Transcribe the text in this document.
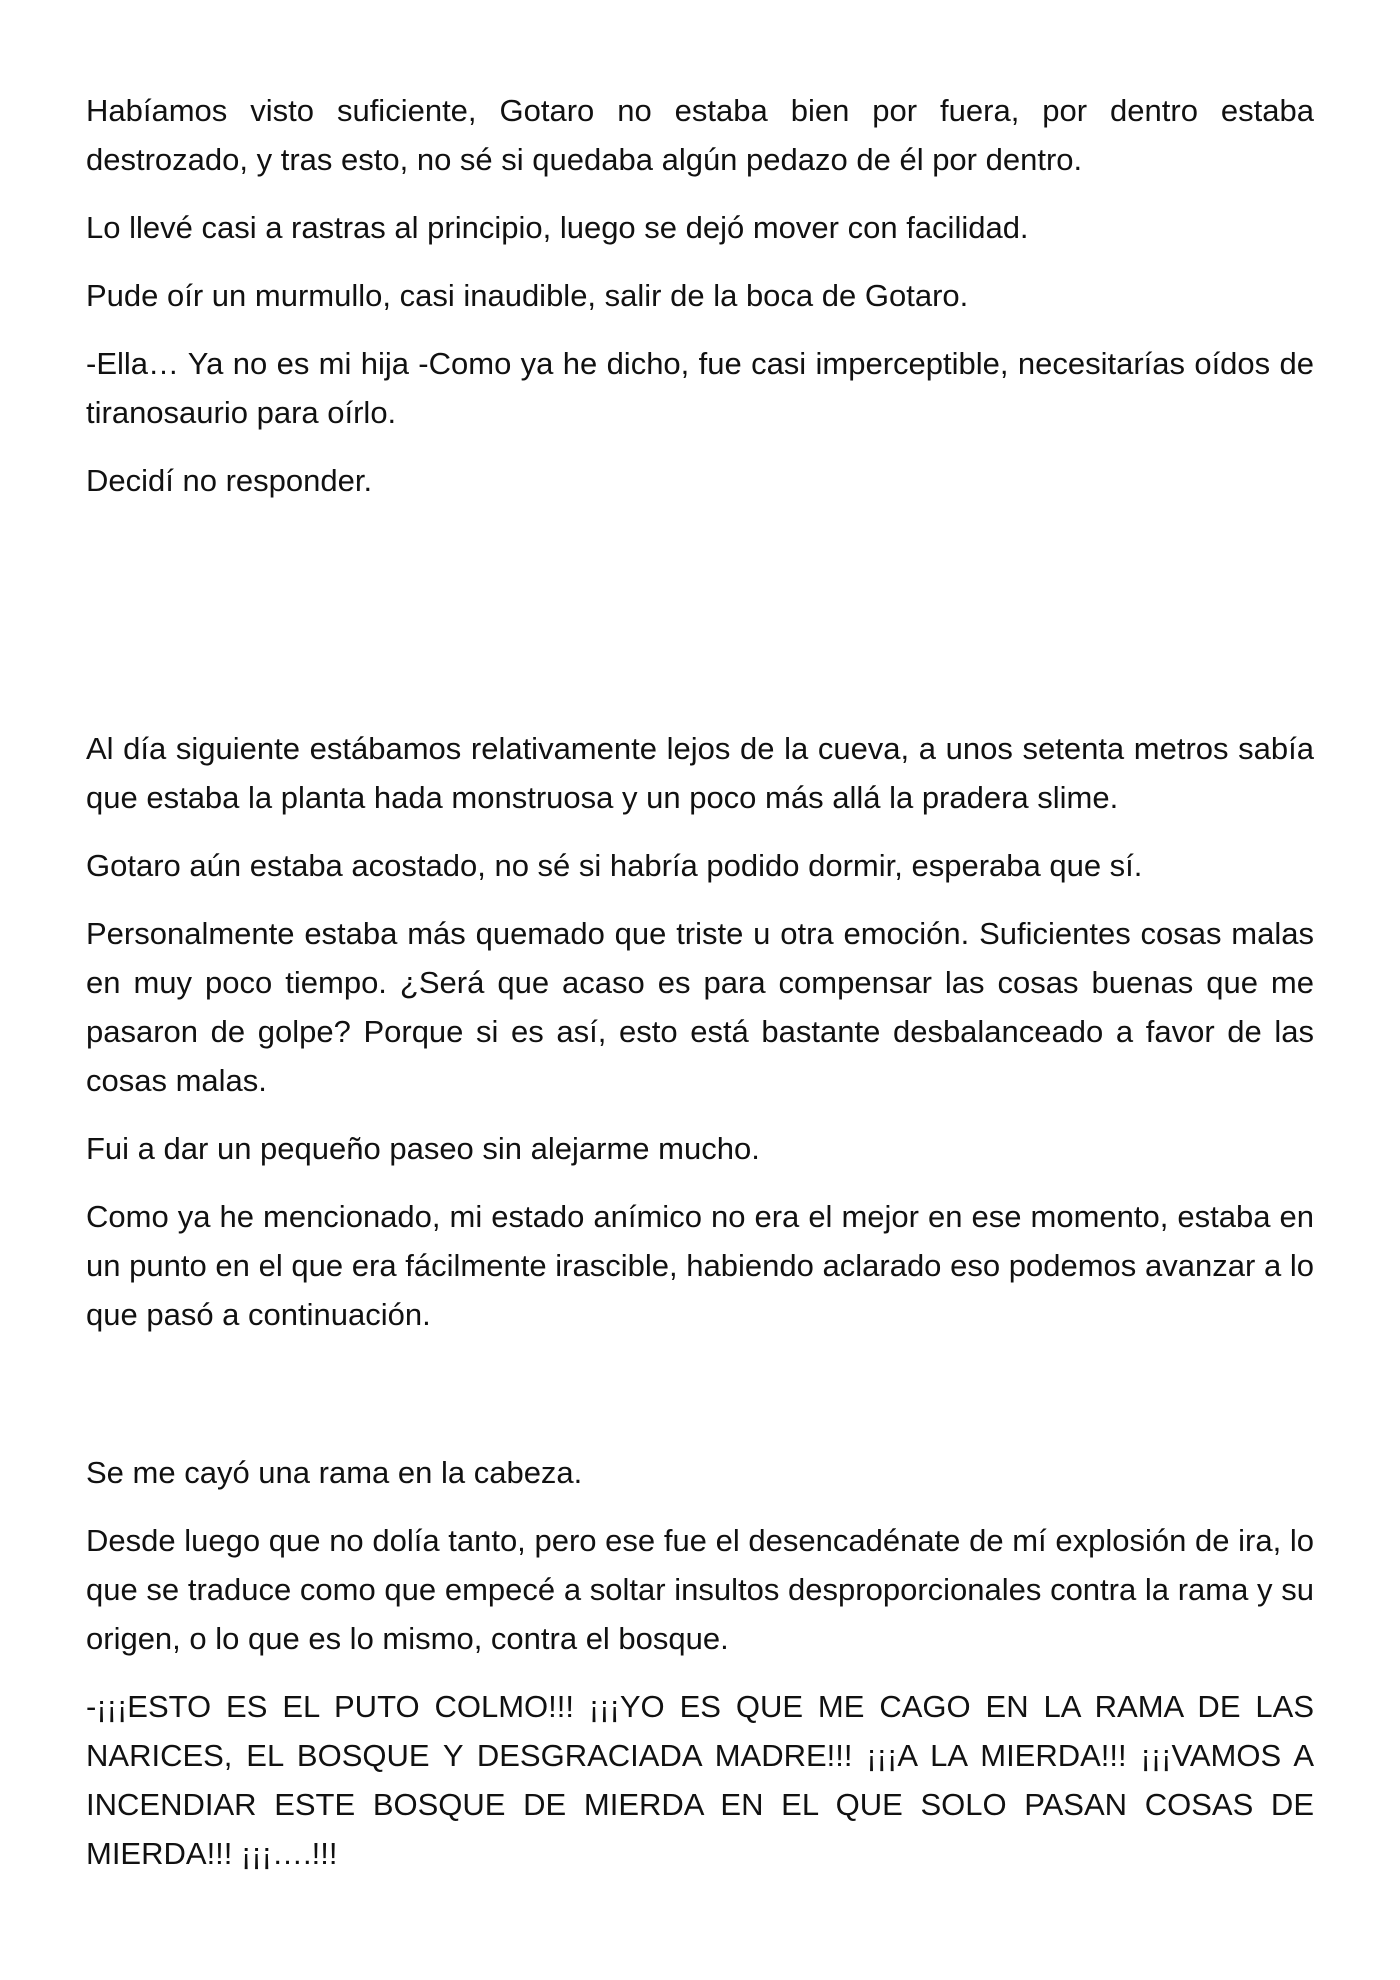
Habíamos visto suficiente, Gotaro no estaba bien por fuera, por dentro estaba destrozado, y tras esto, no sé si quedaba algún pedazo de él por dentro.

Lo llevé casi a rastras al principio, luego se dejó mover con facilidad.

Pude oír un murmullo, casi inaudible, salir de la boca de Gotaro.

-Ella… Ya no es mi hija -Como ya he dicho, fue casi imperceptible, necesitarías oídos de tiranosaurio para oírlo.

Decidí no responder.

Al día siguiente estábamos relativamente lejos de la cueva, a unos setenta metros sabía que estaba la planta hada monstruosa y un poco más allá la pradera slime.

Gotaro aún estaba acostado, no sé si habría podido dormir, esperaba que sí.

Personalmente estaba más quemado que triste u otra emoción. Suficientes cosas malas en muy poco tiempo. ¿Será que acaso es para compensar las cosas buenas que me pasaron de golpe? Porque si es así, esto está bastante desbalanceado a favor de las cosas malas.

Fui a dar un pequeño paseo sin alejarme mucho.

Como ya he mencionado, mi estado anímico no era el mejor en ese momento, estaba en un punto en el que era fácilmente irascible, habiendo aclarado eso podemos avanzar a lo que pasó a continuación.

Se me cayó una rama en la cabeza.

Desde luego que no dolía tanto, pero ese fue el desencadénate de mí explosión de ira, lo que se traduce como que empecé a soltar insultos desproporcionales contra la rama y su origen, o lo que es lo mismo, contra el bosque.

-¡¡¡ESTO ES EL PUTO COLMO!!! ¡¡¡YO ES QUE ME CAGO EN LA RAMA DE LAS NARICES, EL BOSQUE Y DESGRACIADA MADRE!!! ¡¡¡A LA MIERDA!!! ¡¡¡VAMOS A INCENDIAR ESTE BOSQUE DE MIERDA EN EL QUE SOLO PASAN COSAS DE MIERDA!!! ¡¡¡….!!!
